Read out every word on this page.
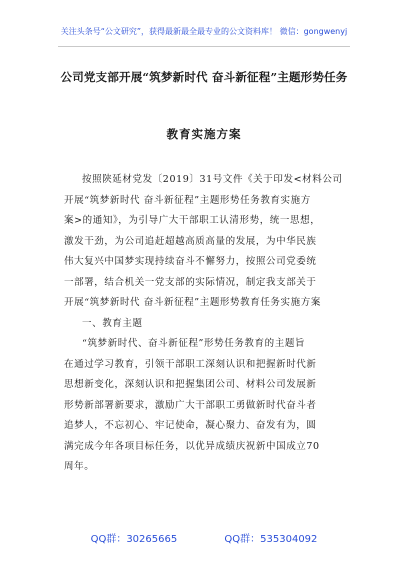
关注头条号“公文研究”，获得最新最全最专业的公文资料库！ 微信：gongwenyj
公司党支部开展“筑梦新时代 奋斗新征程”主题形势任务
教育实施方案
按照陕延材党发〔2019〕31号文件《关于印发<材料公司
开展“筑梦新时代 奋斗新征程”主题形势任务教育实施方
案>的通知》，为引导广大干部职工认清形势，统一思想，
激发干劲，为公司追赶超越高质高量的发展，为中华民族
伟大复兴中国梦实现持续奋斗不懈努力，按照公司党委统
一部署，结合机关一党支部的实际情况，制定我支部关于
开展“筑梦新时代 奋斗新征程”主题形势教育任务实施方案
一、教育主题
“筑梦新时代、奋斗新征程”形势任务教育的主题旨
在通过学习教育，引领干部职工深刻认识和把握新时代新
思想新变化，深刻认识和把握集团公司、材料公司发展新
形势新部署新要求，激励广大干部职工勇做新时代奋斗者
追梦人，不忘初心、牢记使命，凝心聚力、奋发有为，圆
满完成今年各项目标任务，以优异成绩庆祝新中国成立70
周年。
QQ群：30265665	QQ群：535304092
